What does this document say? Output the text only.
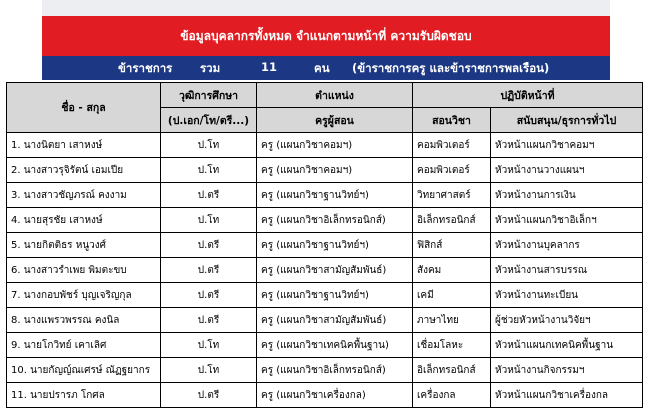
ข้อมูลบุคลากรทั้งหมด จำแนกตามหน้าที่ ความรับผิดชอบ
ข้าราชการ รวม	11	คน (ข้าราชการครู และข้าราชการพลเรือน)
ชื่อ - สกุล	วุฒิการศึกษา	ตำแหน่ง	ปฏิบัติหน้าที่	
	(ป.เอก/โท/ตรี...)	ครูผู้สอน	สอนวิชา	สนับสนุน/ธุรการทั่วไป
1. นางนิตยา เสาหงษ์	ป.โท	ครู (แผนกวิชาคอมฯ)	คอมพิวเตอร์	หัวหน้าแผนกวิชาคอมฯ
2. นางสาวรุจิรัตน์ เอมเปีย	ป.โท	ครู (แผนกวิชาคอมฯ)	คอมพิวเตอร์	หัวหน้างานวางแผนฯ
3. นางสาวชัญภรณ์ คงงาม	ป.ตรี	ครู (แผนกวิชาฐานวิทย์ฯ)	วิทยาศาสตร์	หัวหน้างานการเงิน
4. นายสุรชัย เสาหงษ์	ป.โท	ครู (แผนกวิชาอิเล็กทรอนิกส์)	อิเล็กทรอนิกส์	หัวหน้าแผนกวิชาอิเล็กฯ
5. นายกิตติธร หนูวงศ์	ป.ตรี	ครู (แผนกวิชาฐานวิทย์ฯ)	ฟิสิกส์	หัวหน้างานบุคลากร
6. นางสาวรำเพย พิมตะขบ	ป.ตรี	ครู (แผนกวิชาสามัญสัมพันธ์)	สังคม	หัวหน้างานสารบรรณ
7. นางกอบพัชร์ บุญเจริญกุล	ป.ตรี	ครู (แผนกวิชาฐานวิทย์ฯ)	เคมี	หัวหน้างานทะเบียน
8. นางแพรวพรรณ คงนิล	ป.ตรี	ครู (แผนกวิชาสามัญสัมพันธ์)	ภาษาไทย	ผู้ช่วยหัวหน้างานวิจัยฯ
9. นายโกวิทย์ เคาเลิศ	ป.โท	ครู (แผนกวิชาเทคนิคพื้นฐาน)	เชื่อมโลหะ	หัวหน้าแผนกเทคนิคพื้นฐาน
10. นายกัญญ์ณเศรษ์ ณัฏฐยากร	ป.โท	ครู (แผนกวิชาอิเล็กทรอนิกส์)	อิเล็กทรอนิกส์	หัวหน้างานกิจกรรมฯ
11. นายปรารภ โกศล	ป.ตรี	ครู (แผนกวิชาเครื่องกล)	เครื่องกล	หัวหน้าแผนกวิชาเครื่องกล
